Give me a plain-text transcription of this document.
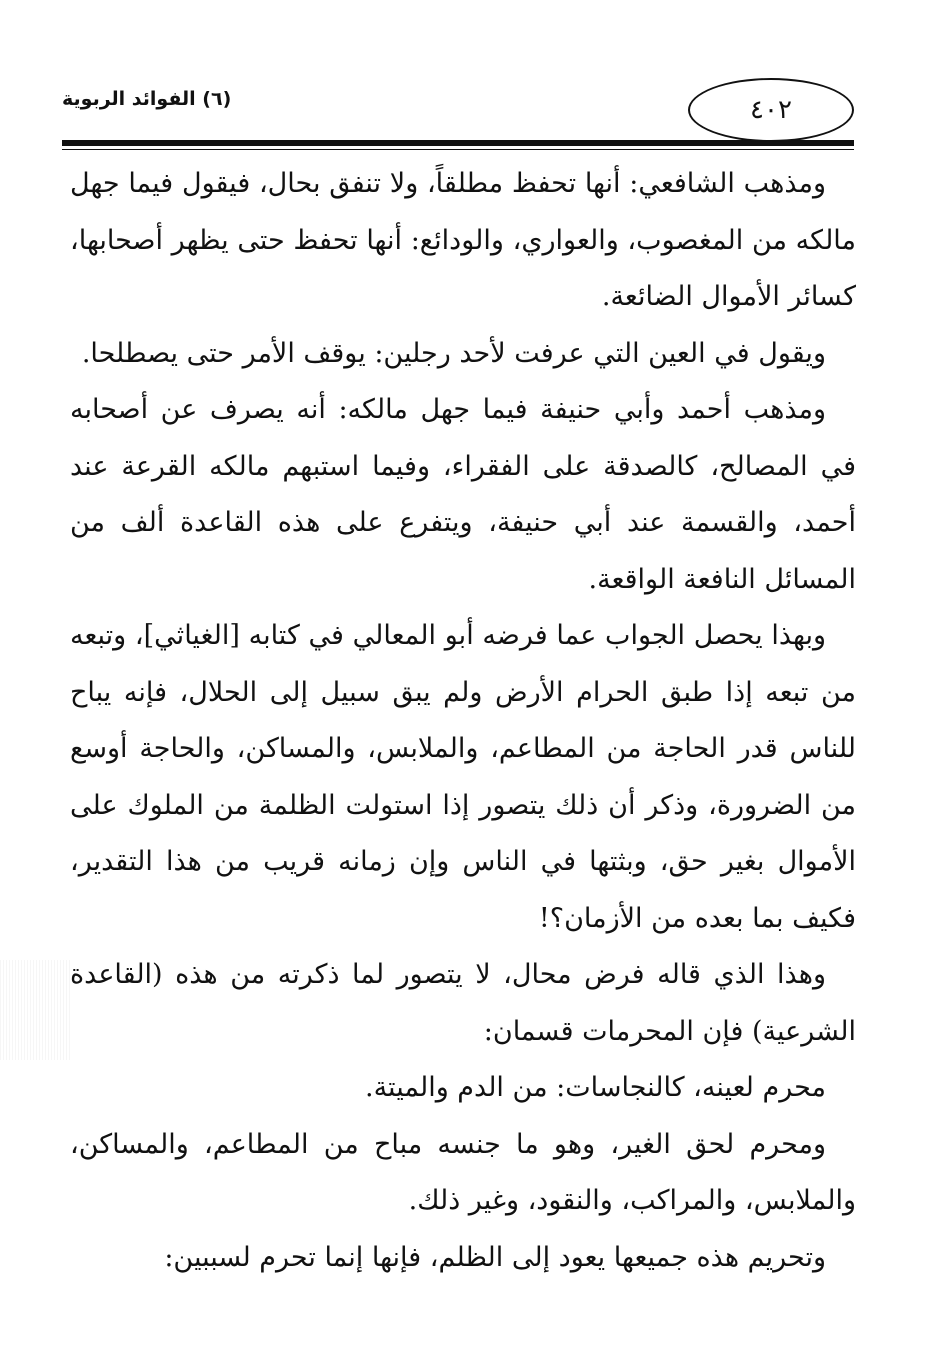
(٦) الفوائد الربوية	٤٠٢

ومذهب الشافعي: أنها تحفظ مطلقاً، ولا تنفق بحال، فيقول فيما جهل مالكه من المغصوب، والعواري، والودائع: أنها تحفظ حتى يظهر أصحابها، كسائر الأموال الضائعة.

ويقول في العين التي عرفت لأحد رجلين: يوقف الأمر حتى يصطلحا.

ومذهب أحمد وأبي حنيفة فيما جهل مالكه: أنه يصرف عن أصحابه في المصالح، كالصدقة على الفقراء، وفيما استبهم مالكه القرعة عند أحمد، والقسمة عند أبي حنيفة، ويتفرع على هذه القاعدة ألف من المسائل النافعة الواقعة.

وبهذا يحصل الجواب عما فرضه أبو المعالي في كتابه [الغياثي]، وتبعه من تبعه إذا طبق الحرام الأرض ولم يبق سبيل إلى الحلال، فإنه يباح للناس قدر الحاجة من المطاعم، والملابس، والمساكن، والحاجة أوسع من الضرورة، وذكر أن ذلك يتصور إذا استولت الظلمة من الملوك على الأموال بغير حق، وبثتها في الناس وإن زمانه قريب من هذا التقدير، فكيف بما بعده من الأزمان؟!

وهذا الذي قاله فرض محال، لا يتصور لما ذكرته من هذه (القاعدة الشرعية) فإن المحرمات قسمان:

محرم لعينه، كالنجاسات: من الدم والميتة.

ومحرم لحق الغير، وهو ما جنسه مباح من المطاعم، والمساكن، والملابس، والمراكب، والنقود، وغير ذلك.

وتحريم هذه جميعها يعود إلى الظلم، فإنها إنما تحرم لسببين:
